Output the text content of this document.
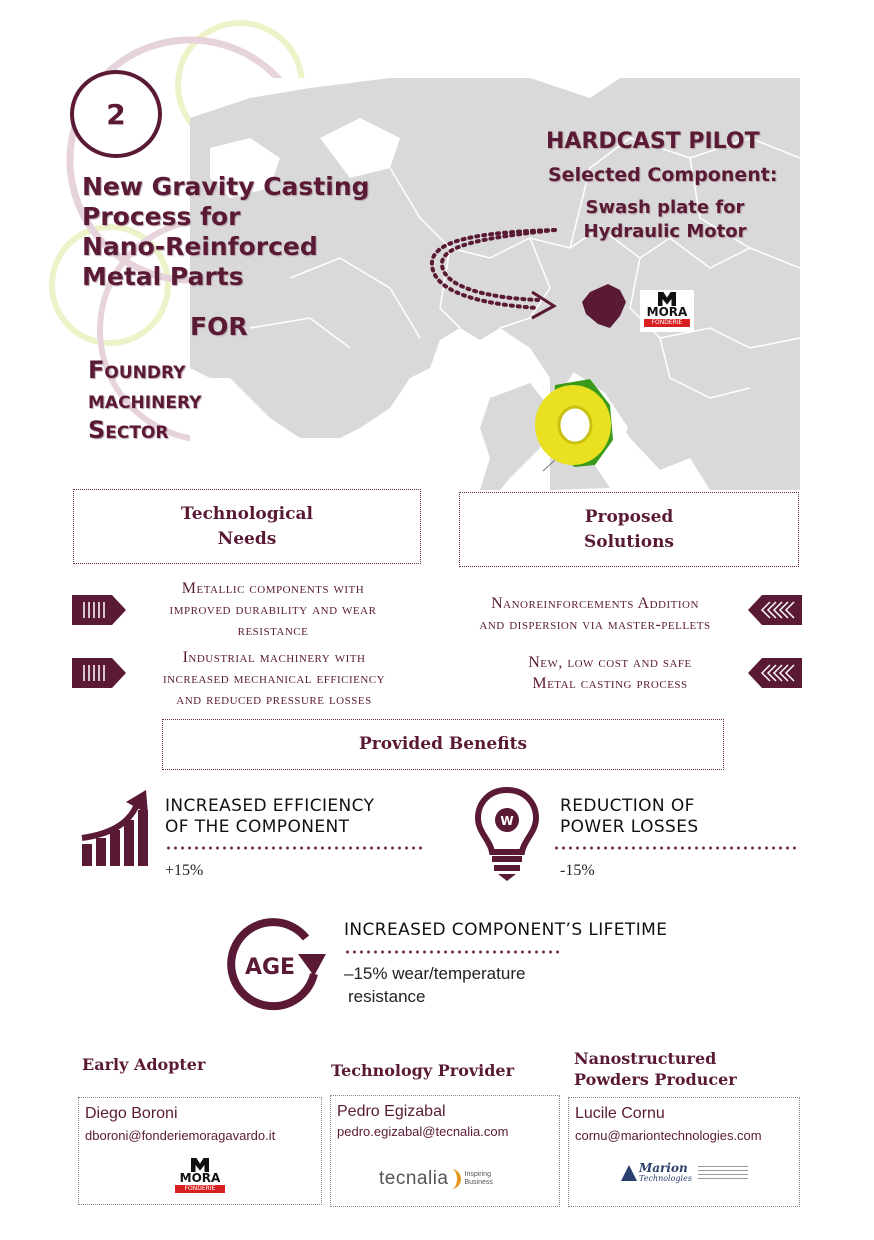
2
New Gravity Casting
Process for
Nano-Reinforced
Metal Parts
FOR
Foundry
machinery
Sector
HARDCAST PILOT
Selected Component:
Swash plate for
Hydraulic Motor
MORA
FONDERIE
Technological
Needs
Proposed
Solutions
Metallic components with
improved durability and wear
resistance
Industrial machinery with
increased mechanical efficiency
and reduced pressure losses
Nanoreinforcements Addition
and dispersion via master-pellets
New, low cost and safe
Metal casting process
Provided Benefits
INCREASED EFFICIENCY
OF THE COMPONENT
+15%
W
REDUCTION OF
POWER LOSSES
-15%
AGE
INCREASED COMPONENT’S LIFETIME
–15% wear/temperature
resistance
Early Adopter	Technology Provider
Nanostructured
Powders Producer
Diego Boroni
dboroni@fonderiemoragavardo.it
MORA
FONDERIE
Pedro Egizabal
pedro.egizabal@tecnalia.com
tecnalia Inspiring
Business
Lucile Cornu
cornu@mariontechnologies.com
Marion
Technologies
